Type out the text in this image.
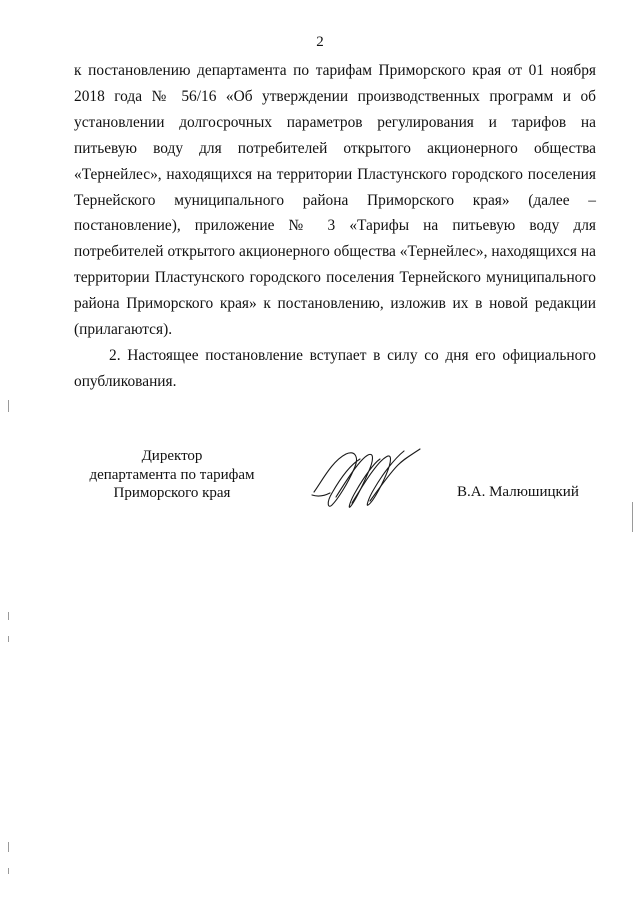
2

к постановлению департамента по тарифам Приморского края от 01 ноября 2018 года № 56/16 «Об утверждении производственных программ и об установлении долгосрочных параметров регулирования и тарифов на питьевую воду для потребителей открытого акционерного общества «Тернейлес», находящихся на территории Пластунского городского поселения Тернейского муниципального района Приморского края» (далее – постановление), приложение № 3 «Тарифы на питьевую воду для потребителей открытого акционерного общества «Тернейлес», находящихся на территории Пластунского городского поселения Тернейского муниципального района Приморского края» к постановлению, изложив их в новой редакции (прилагаются).

2. Настоящее постановление вступает в силу со дня его официального опубликования.

Директор
департамента по тарифам
Приморского края	В.А. Малюшицкий
